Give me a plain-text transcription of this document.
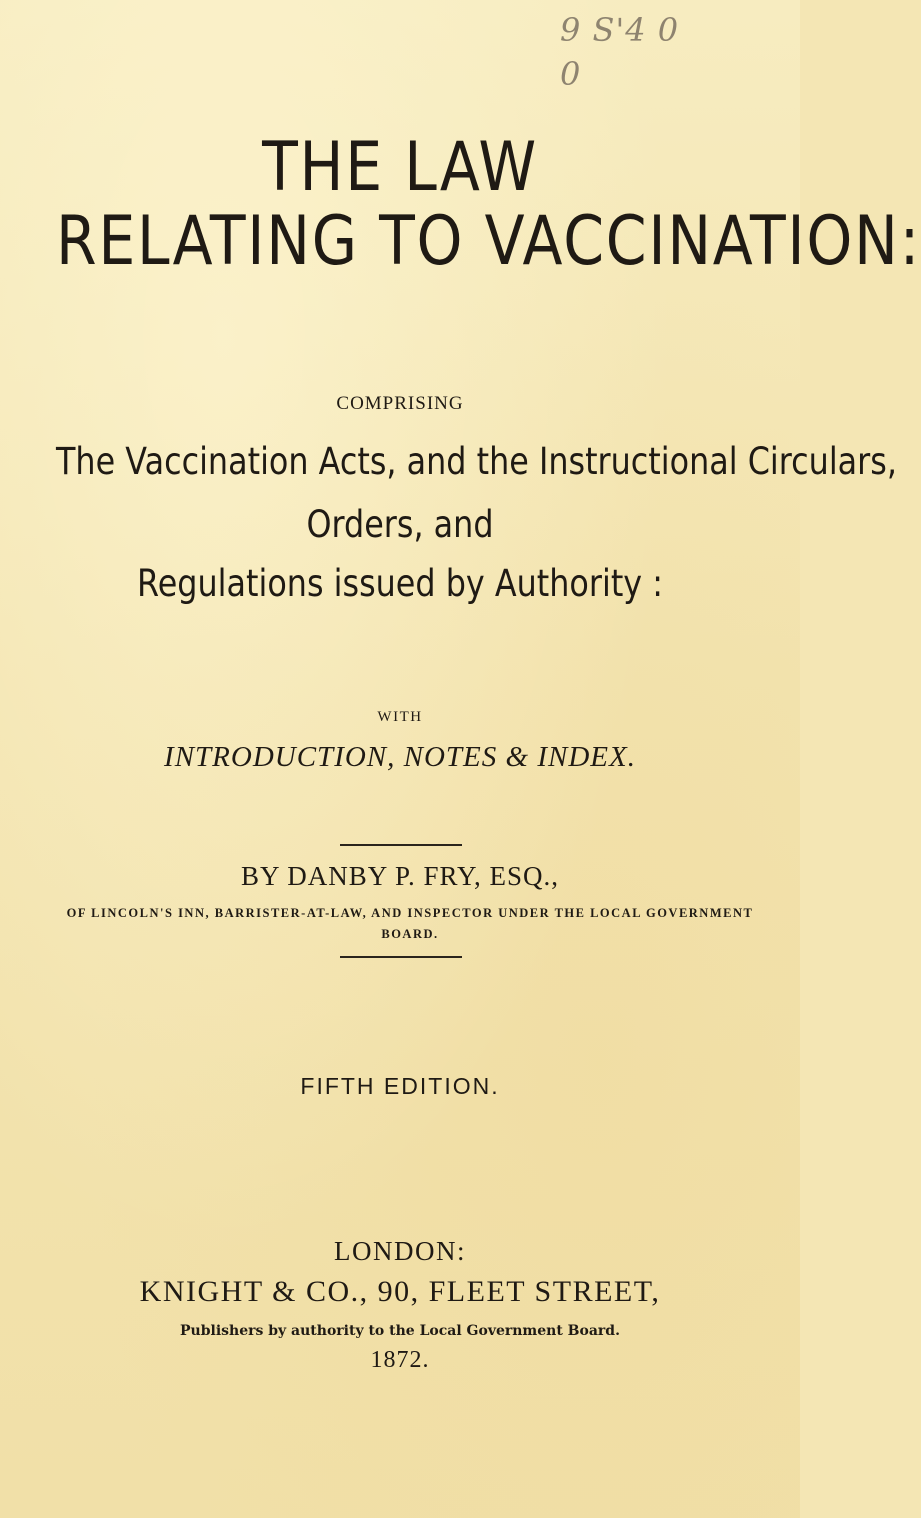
9 S'4 0 0
THE LAW
RELATING TO VACCINATION:
COMPRISING
The Vaccination Acts, and the Instructional Circulars,
Orders, and
Regulations issued by Authority :
WITH
INTRODUCTION, NOTES & INDEX.
BY DANBY P. FRY, ESQ.,
OF LINCOLN'S INN, BARRISTER-AT-LAW, AND INSPECTOR UNDER THE LOCAL GOVERNMENT BOARD.
FIFTH EDITION.
LONDON:
KNIGHT & CO., 90, FLEET STREET,
Publishers by authority to the Local Government Board.
1872.
